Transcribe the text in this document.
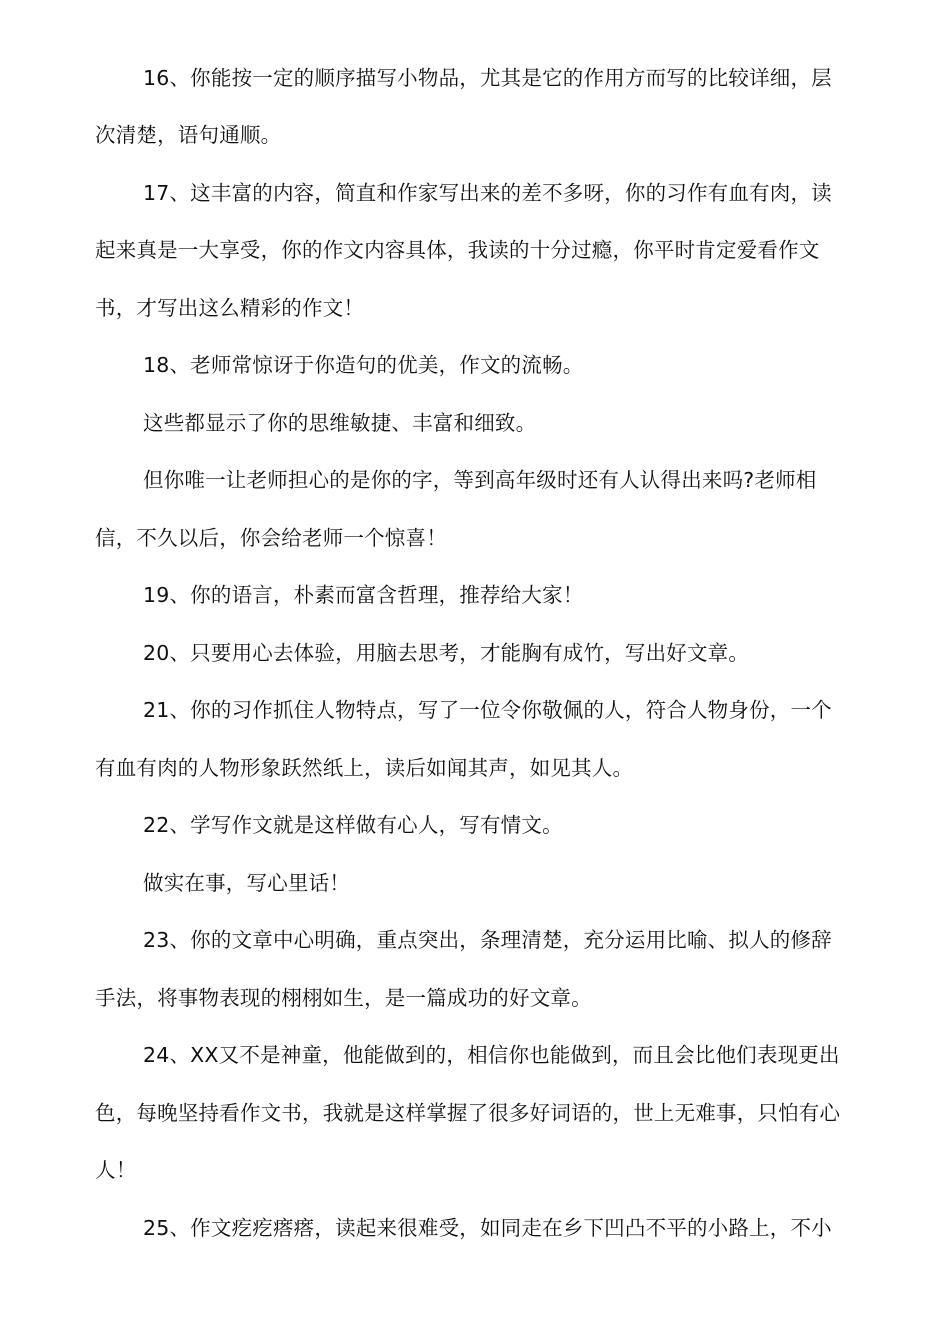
16、你能按一定的顺序描写小物品，尤其是它的作用方而写的比较详细，层
次清楚，语句通顺。
17、这丰富的内容，简直和作家写出来的差不多呀，你的习作有血有肉，读
起来真是一大享受，你的作文内容具体，我读的十分过瘾，你平时肯定爱看作文
书，才写出这么精彩的作文！
18、老师常惊讶于你造句的优美，作文的流畅。
这些都显示了你的思维敏捷、丰富和细致。
但你唯一让老师担心的是你的字，等到高年级时还有人认得出来吗?老师相
信，不久以后，你会给老师一个惊喜！
19、你的语言，朴素而富含哲理，推荐给大家！
20、只要用心去体验，用脑去思考，才能胸有成竹，写出好文章。
21、你的习作抓住人物特点，写了一位令你敬佩的人，符合人物身份，一个
有血有肉的人物形象跃然纸上，读后如闻其声，如见其人。
22、学写作文就是这样做有心人，写有情文。
做实在事，写心里话！
23、你的文章中心明确，重点突出，条理清楚，充分运用比喻、拟人的修辞
手法，将事物表现的栩栩如生，是一篇成功的好文章。
24、XX又不是神童，他能做到的，相信你也能做到，而且会比他们表现更出
色，每晚坚持看作文书，我就是这样掌握了很多好词语的，世上无难事，只怕有心
人！
25、作文疙疙瘩瘩，读起来很难受，如同走在乡下凹凸不平的小路上，不小
